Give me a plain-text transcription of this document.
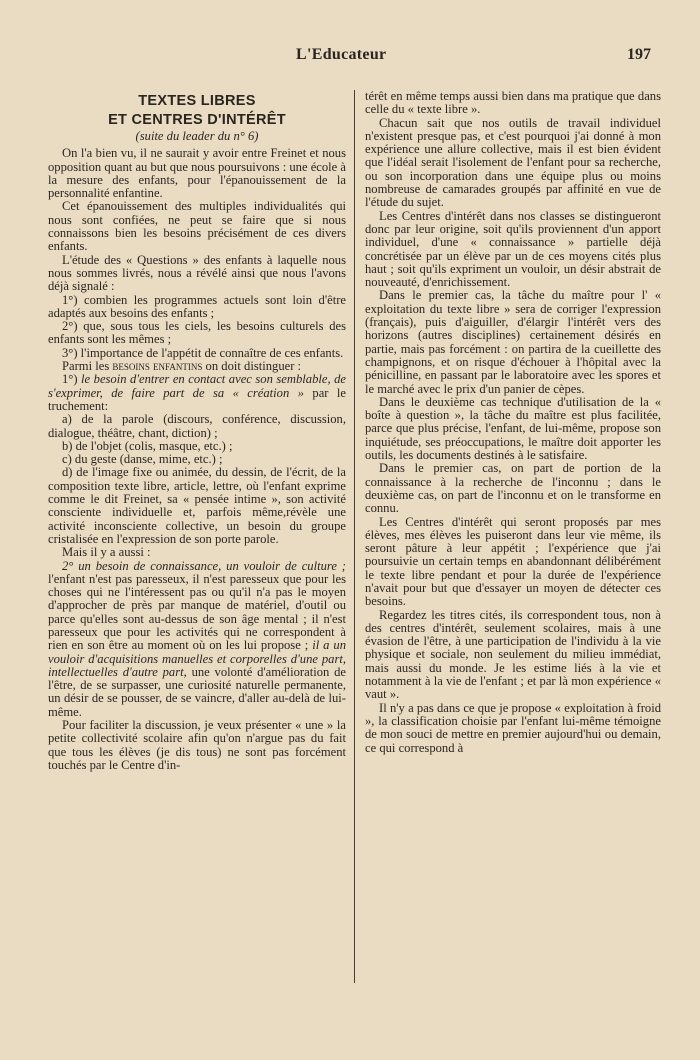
L'Educateur	197
TEXTES LIBRES
ET CENTRES D'INTÉRÊT
(suite du leader du n° 6)

On l'a bien vu, il ne saurait y avoir entre Freinet et nous opposition quant au but que nous poursuivons : une école à la mesure des enfants, pour l'épanouissement de la personnalité enfantine.

Cet épanouissement des multiples individualités qui nous sont confiées, ne peut se faire que si nous connaissons bien les besoins précisément de ces divers enfants.

L'étude des « Questions » des enfants à laquelle nous nous sommes livrés, nous a révélé ainsi que nous l'avons déjà signalé :

1°) combien les programmes actuels sont loin d'être adaptés aux besoins des enfants ;

2°) que, sous tous les ciels, les besoins culturels des enfants sont les mêmes ;

3°) l'importance de l'appétit de connaître de ces enfants.

Parmi les besoins enfantins on doit distinguer :

1°) le besoin d'entrer en contact avec son semblable, de s'exprimer, de faire part de sa « création » par le truchement:

a) de la parole (discours, conférence, discussion, dialogue, théâtre, chant, diction) ;

b) de l'objet (colis, masque, etc.) ;

c) du geste (danse, mime, etc.) ;

d) de l'image fixe ou animée, du dessin, de l'écrit, de la composition texte libre, article, lettre, où l'enfant exprime comme le dit Freinet, sa « pensée intime », son activité consciente individuelle et, parfois même,révèle une activité inconsciente collective, un besoin du groupe cristalisée en l'expression de son porte parole.

Mais il y a aussi :

2° un besoin de connaissance, un vouloir de culture ; l'enfant n'est pas paresseux, il n'est paresseux que pour les choses qui ne l'intéressent pas ou qu'il n'a pas le moyen d'approcher de près par manque de matériel, d'outil ou parce qu'elles sont au-dessus de son âge mental ; il n'est paresseux que pour les activités qui ne correspondent à rien en son être au moment où on les lui propose ; il a un vouloir d'acquisitions manuelles et corporelles d'une part, intellectuelles d'autre part, une volonté d'amélioration de l'être, de se surpasser, une curiosité naturelle permanente, un désir de se pousser, de se vaincre, d'aller au-delà de lui-même.

Pour faciliter la discussion, je veux présenter « une » la petite collectivité scolaire afin qu'on n'argue pas du fait que tous les élèves (je dis tous) ne sont pas forcément touchés par le Centre d'in-

térêt en même temps aussi bien dans ma pratique que dans celle du « texte libre ».

Chacun sait que nos outils de travail individuel n'existent presque pas, et c'est pourquoi j'ai donné à mon expérience une allure collective, mais il est bien évident que l'idéal serait l'isolement de l'enfant pour sa recherche, ou son incorporation dans une équipe plus ou moins nombreuse de camarades groupés par affinité en vue de l'étude du sujet.

Les Centres d'intérêt dans nos classes se distingueront donc par leur origine, soit qu'ils proviennent d'un apport individuel, d'une « connaissance » partielle déjà concrétisée par un élève par un de ces moyens cités plus haut ; soit qu'ils expriment un vouloir, un désir abstrait de nouveauté, d'enrichissement.

Dans le premier cas, la tâche du maître pour l' « exploitation du texte libre » sera de corriger l'expression (français), puis d'aiguiller, d'élargir l'intérêt vers des horizons (autres disciplines) certainement désirés en partie, mais pas forcément : on partira de la cueillette des champignons, et on risque d'échouer à l'hôpital avec la pénicilline, en passant par le laboratoire avec les spores et le marché avec le prix d'un panier de cèpes.

Dans le deuxième cas technique d'utilisation de la « boîte à question », la tâche du maître est plus facilitée, parce que plus précise, l'enfant, de lui-même, propose son inquiétude, ses préoccupations, le maître doit apporter les outils, les documents destinés à le satisfaire.

Dans le premier cas, on part de portion de la connaissance à la recherche de l'inconnu ; dans le deuxième cas, on part de l'inconnu et on le transforme en connu.

Les Centres d'intérêt qui seront proposés par mes élèves, mes élèves les puiseront dans leur vie même, ils seront pâture à leur appétit ; l'expérience que j'ai poursuivie un certain temps en abandonnant délibérément le texte libre pendant et pour la durée de l'expérience n'avait pour but que d'essayer un moyen de détecter ces besoins.

Regardez les titres cités, ils correspondent tous, non à des centres d'intérêt, seulement scolaires, mais à une évasion de l'être, à une participation de l'individu à la vie physique et sociale, non seulement du milieu immédiat, mais aussi du monde. Je les estime liés à la vie et notamment à la vie de l'enfant ; et par là mon expérience « vaut ».

Il n'y a pas dans ce que je propose « exploitation à froid », la classification choisie par l'enfant lui-même témoigne de mon souci de mettre en premier aujourd'hui ou demain, ce qui correspond à
